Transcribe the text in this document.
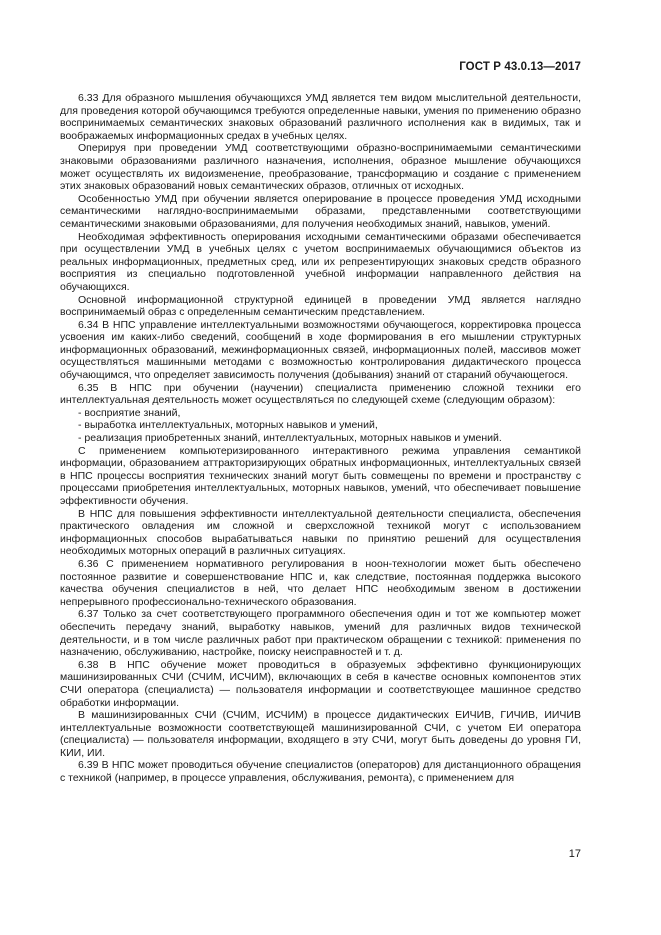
ГОСТ Р 43.0.13—2017

6.33 Для образного мышления обучающихся УМД является тем видом мыслительной деятельности, для проведения которой обучающимся требуются определенные навыки, умения по применению образно воспринимаемых семантических знаковых образований различного исполнения как в видимых, так и воображаемых информационных средах в учебных целях.

Оперируя при проведении УМД соответствующими образно-воспринимаемыми семантическими знаковыми образованиями различного назначения, исполнения, образное мышление обучающихся может осуществлять их видоизменение, преобразование, трансформацию и создание с применением этих знаковых образований новых семантических образов, отличных от исходных.

Особенностью УМД при обучении является оперирование в процессе проведения УМД исходными семантическими наглядно-воспринимаемыми образами, представленными соответствующими семантическими знаковыми образованиями, для получения необходимых знаний, навыков, умений.

Необходимая эффективность оперирования исходными семантическими образами обеспечивается при осуществлении УМД в учебных целях с учетом воспринимаемых обучающимися объектов из реальных информационных, предметных сред, или их репрезентирующих знаковых средств образного восприятия из специально подготовленной учебной информации направленного действия на обучающихся.

Основной информационной структурной единицей в проведении УМД является наглядно воспринимаемый образ с определенным семантическим представлением.

6.34 В НПС управление интеллектуальными возможностями обучающегося, корректировка процесса усвоения им каких-либо сведений, сообщений в ходе формирования в его мышлении структурных информационных образований, межинформационных связей, информационных полей, массивов может осуществляться машинными методами с возможностью контролирования дидактического процесса обучающимся, что определяет зависимость получения (добывания) знаний от стараний обучающегося.

6.35 В НПС при обучении (научении) специалиста применению сложной техники его интеллектуальная деятельность может осуществляться по следующей схеме (следующим образом):

- восприятие знаний,
- выработка интеллектуальных, моторных навыков и умений,
- реализация приобретенных знаний, интеллектуальных, моторных навыков и умений.

С применением компьютеризированного интерактивного режима управления семантикой информации, образованием аттракторизирующих обратных информационных, интеллектуальных связей в НПС процессы восприятия технических знаний могут быть совмещены по времени и пространству с процессами приобретения интеллектуальных, моторных навыков, умений, что обеспечивает повышение эффективности обучения.

В НПС для повышения эффективности интеллектуальной деятельности специалиста, обеспечения практического овладения им сложной и сверхсложной техникой могут с использованием информационных способов вырабатываться навыки по принятию решений для осуществления необходимых моторных операций в различных ситуациях.

6.36 С применением нормативного регулирования в ноон-технологии может быть обеспечено постоянное развитие и совершенствование НПС и, как следствие, постоянная поддержка высокого качества обучения специалистов в ней, что делает НПС необходимым звеном в достижении непрерывного профессионально-технического образования.

6.37 Только за счет соответствующего программного обеспечения один и тот же компьютер может обеспечить передачу знаний, выработку навыков, умений для различных видов технической деятельности, и в том числе различных работ при практическом обращении с техникой: применения по назначению, обслуживанию, настройке, поиску неисправностей и т. д.

6.38 В НПС обучение может проводиться в образуемых эффективно функционирующих машинизированных СЧИ (СЧИМ, ИСЧИМ), включающих в себя в качестве основных компонентов этих СЧИ оператора (специалиста) — пользователя информации и соответствующее машинное средство обработки информации.

В машинизированных СЧИ (СЧИМ, ИСЧИМ) в процессе дидактических ЕИЧИВ, ГИЧИВ, ИИЧИВ интеллектуальные возможности соответствующей машинизированной СЧИ, с учетом ЕИ оператора (специалиста) — пользователя информации, входящего в эту СЧИ, могут быть доведены до уровня ГИ, КИИ, ИИ.

6.39 В НПС может проводиться обучение специалистов (операторов) для дистанционного обращения с техникой (например, в процессе управления, обслуживания, ремонта), с применением для

17
